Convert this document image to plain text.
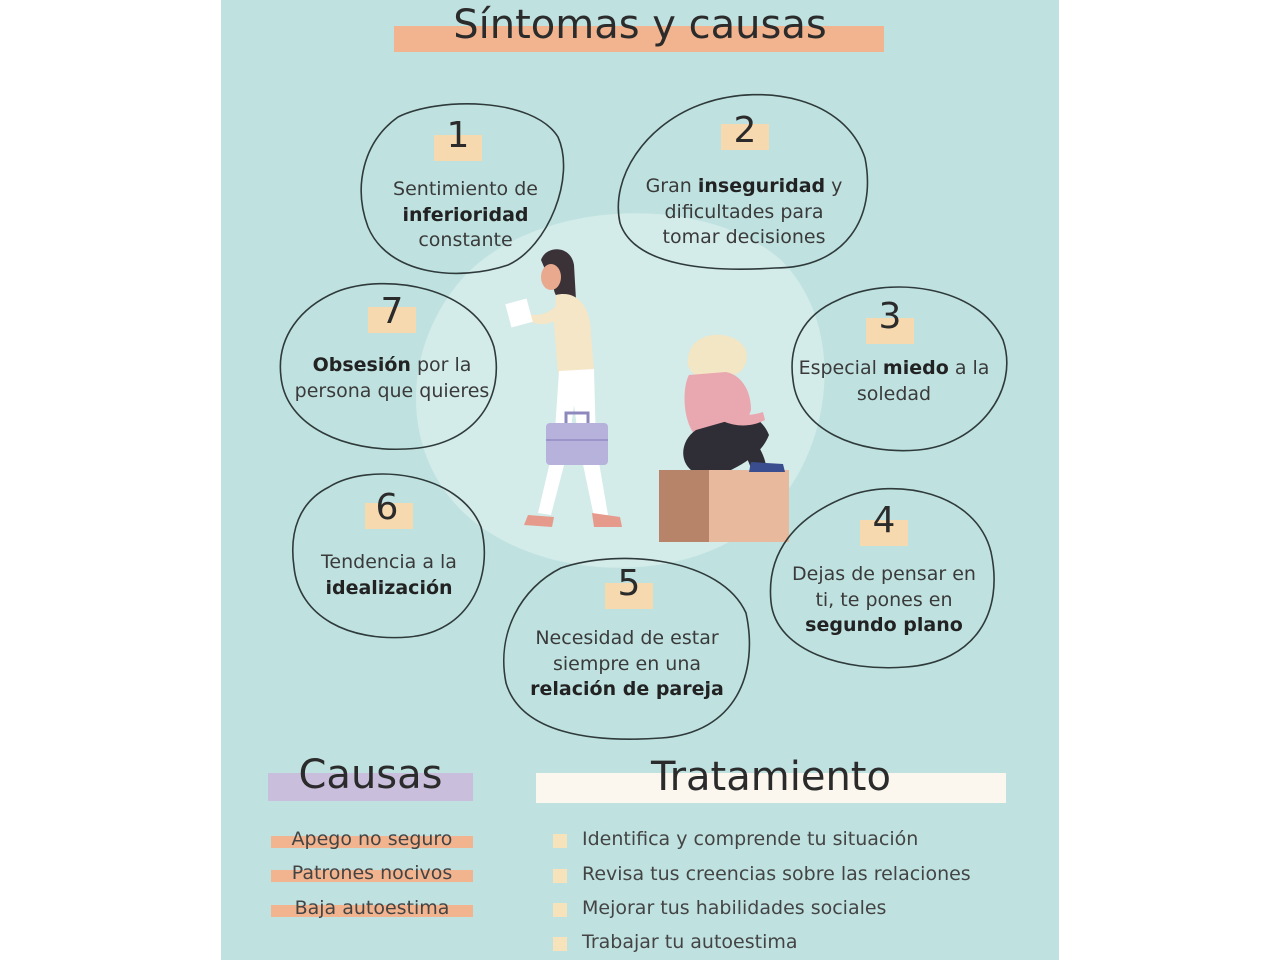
Síntomas y causas
1
Sentimiento de
inferioridad
constante
2
Gran inseguridad y dificultades para tomar decisiones
3
Especial miedo a la soledad
4
Dejas de pensar en ti, te pones en segundo plano
5
Necesidad de estar siempre en una relación de pareja
6
Tendencia a la
idealización
7
Obsesión por la persona que quieres
Causas
Apego no seguro
Patrones nocivos
Baja autoestima
Tratamiento
Identifica y comprende tu situación
Revisa tus creencias sobre las relaciones
Mejorar tus habilidades sociales
Trabajar tu autoestima
